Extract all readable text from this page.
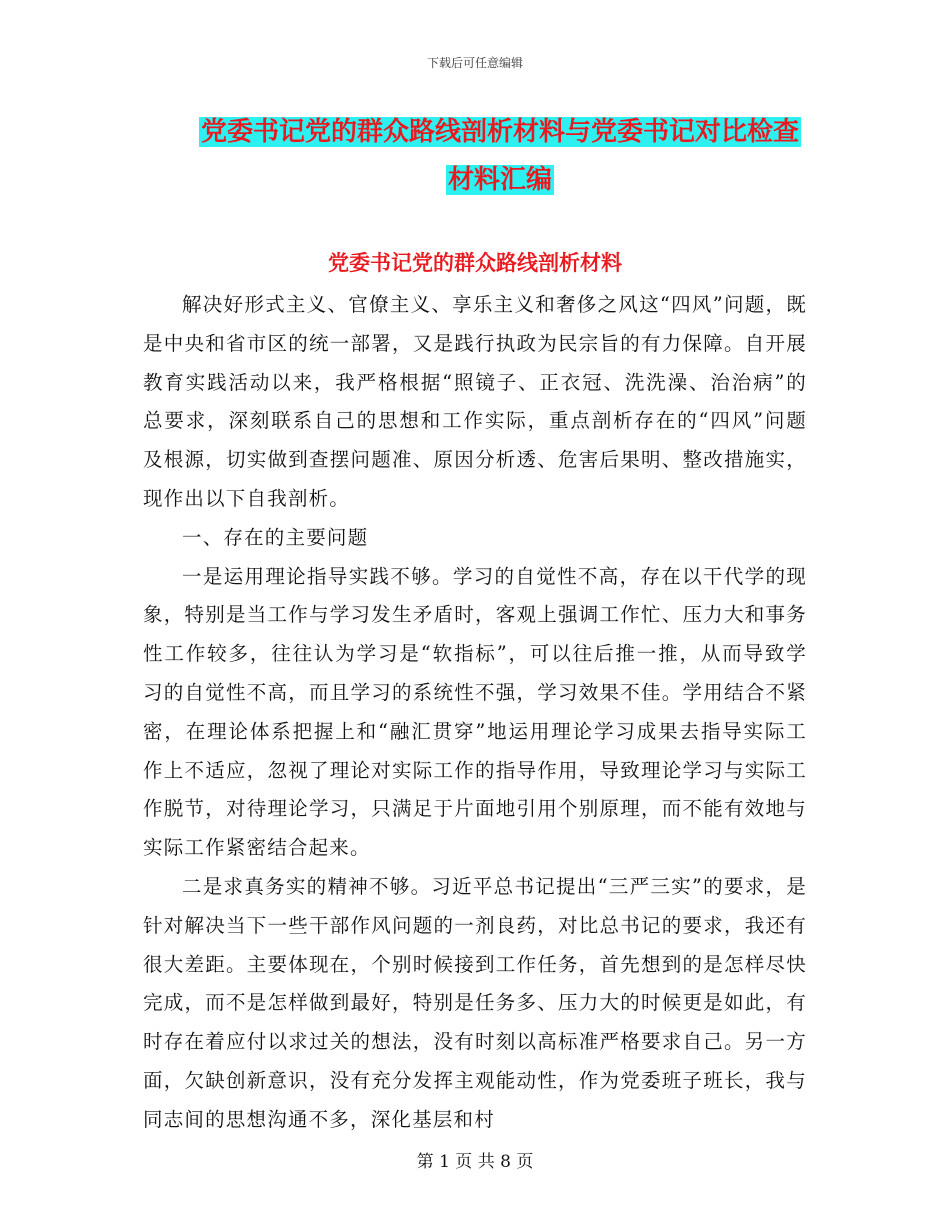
下载后可任意编辑
党委书记党的群众路线剖析材料与党委书记对比检查
材料汇编
党委书记党的群众路线剖析材料

解决好形式主义、官僚主义、享乐主义和奢侈之风这“四风”问题，既是中央和省市区的统一部署，又是践行执政为民宗旨的有力保障。自开展教育实践活动以来，我严格根据“照镜子、正衣冠、洗洗澡、治治病”的总要求，深刻联系自己的思想和工作实际，重点剖析存在的“四风”问题及根源，切实做到查摆问题准、原因分析透、危害后果明、整改措施实，现作出以下自我剖析。

一、存在的主要问题

一是运用理论指导实践不够。学习的自觉性不高，存在以干代学的现象，特别是当工作与学习发生矛盾时，客观上强调工作忙、压力大和事务性工作较多，往往认为学习是“软指标”，可以往后推一推，从而导致学习的自觉性不高，而且学习的系统性不强，学习效果不佳。学用结合不紧密，在理论体系把握上和“融汇贯穿”地运用理论学习成果去指导实际工作上不适应，忽视了理论对实际工作的指导作用，导致理论学习与实际工作脱节，对待理论学习，只满足于片面地引用个别原理，而不能有效地与实际工作紧密结合起来。

二是求真务实的精神不够。习近平总书记提出“三严三实”的要求，是针对解决当下一些干部作风问题的一剂良药，对比总书记的要求，我还有很大差距。主要体现在，个别时候接到工作任务，首先想到的是怎样尽快完成，而不是怎样做到最好，特别是任务多、压力大的时候更是如此，有时存在着应付以求过关的想法，没有时刻以高标准严格要求自己。另一方面，欠缺创新意识，没有充分发挥主观能动性，作为党委班子班长，我与同志间的思想沟通不多，深化基层和村

第 1 页 共 8 页
